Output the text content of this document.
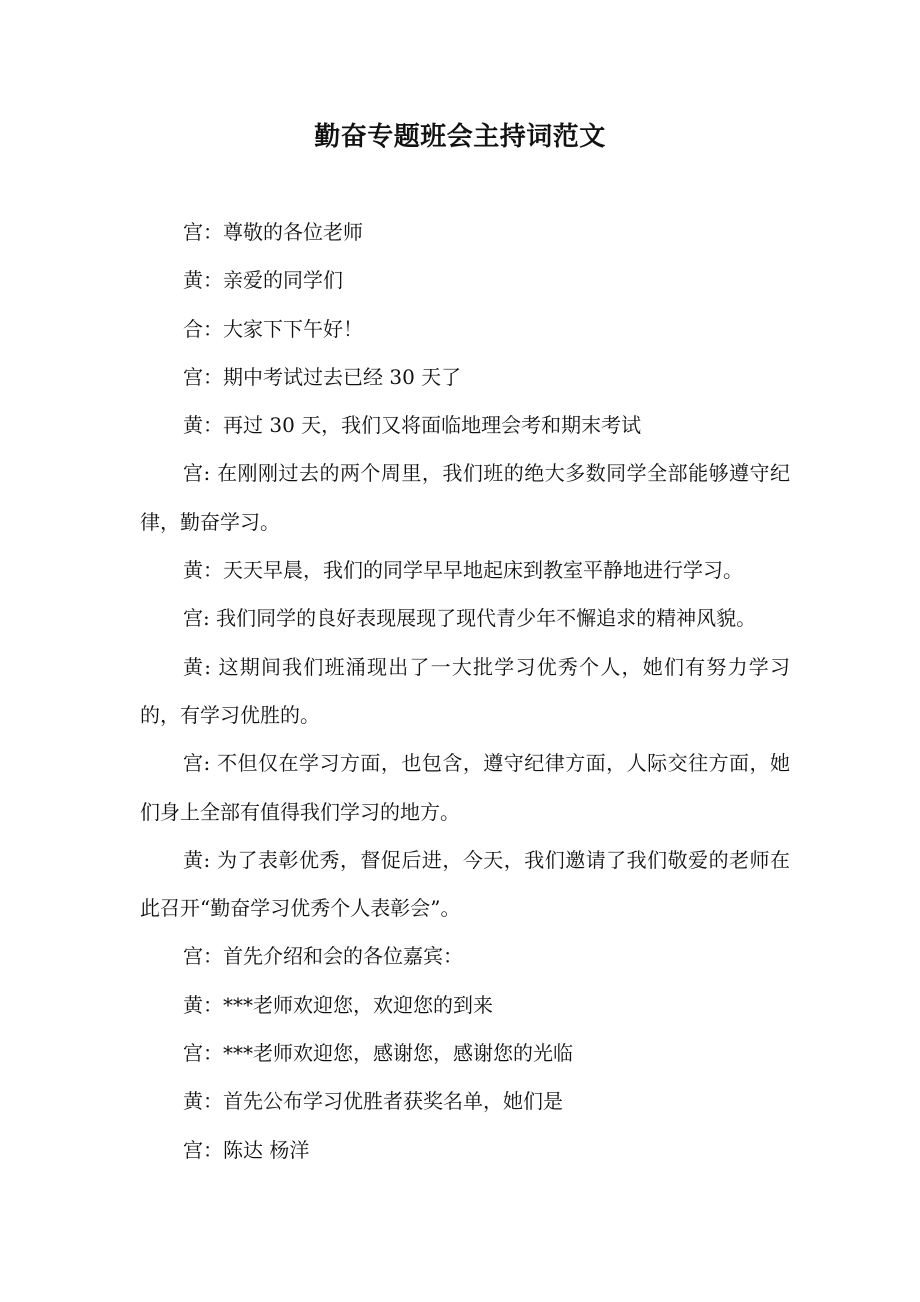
勤奋专题班会主持词范文

宫：尊敬的各位老师

黄：亲爱的同学们

合：大家下下午好！

宫：期中考试过去已经 30 天了

黄：再过 30 天，我们又将面临地理会考和期末考试

宫: 在刚刚过去的两个周里，我们班的绝大多数同学全部能够遵守纪律，勤奋学习。

黄：天天早晨，我们的同学早早地起床到教室平静地进行学习。

宫: 我们同学的良好表现展现了现代青少年不懈追求的精神风貌。

黄: 这期间我们班涌现出了一大批学习优秀个人，她们有努力学习的，有学习优胜的。

宫: 不但仅在学习方面，也包含，遵守纪律方面，人际交往方面，她们身上全部有值得我们学习的地方。

黄: 为了表彰优秀，督促后进，今天，我们邀请了我们敬爱的老师在此召开“勤奋学习优秀个人表彰会”。

宫：首先介绍和会的各位嘉宾：

黄：***老师欢迎您，欢迎您的到来

宫：***老师欢迎您，感谢您，感谢您的光临

黄：首先公布学习优胜者获奖名单，她们是

宫：陈达 杨洋
